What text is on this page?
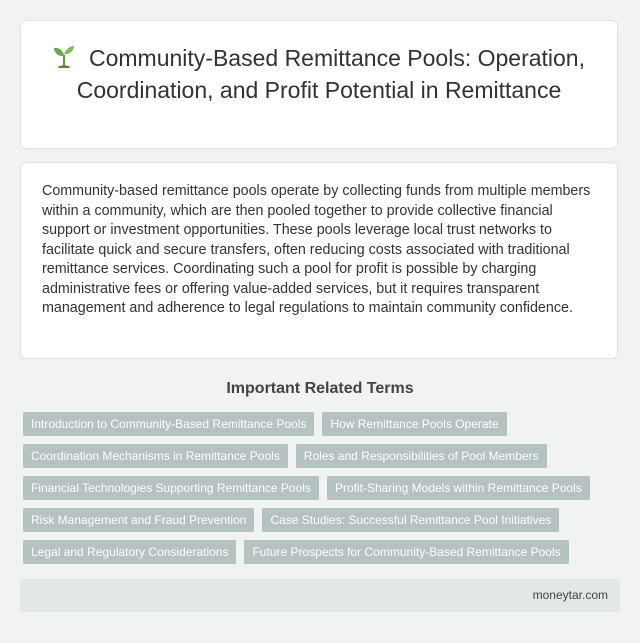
Community-Based Remittance Pools: Operation, Coordination, and Profit Potential in Remittance

Community-based remittance pools operate by collecting funds from multiple members within a community, which are then pooled together to provide collective financial support or investment opportunities. These pools leverage local trust networks to facilitate quick and secure transfers, often reducing costs associated with traditional remittance services. Coordinating such a pool for profit is possible by charging administrative fees or offering value-added services, but it requires transparent management and adherence to legal regulations to maintain community confidence.

Important Related Terms
Introduction to Community-Based Remittance Pools	How Remittance Pools Operate
Coordination Mechanisms in Remittance Pools	Roles and Responsibilities of Pool Members
Financial Technologies Supporting Remittance Pools	Profit-Sharing Models within Remittance Pools
Risk Management and Fraud Prevention	Case Studies: Successful Remittance Pool Initiatives
Legal and Regulatory Considerations	Future Prospects for Community-Based Remittance Pools
moneytar.com
